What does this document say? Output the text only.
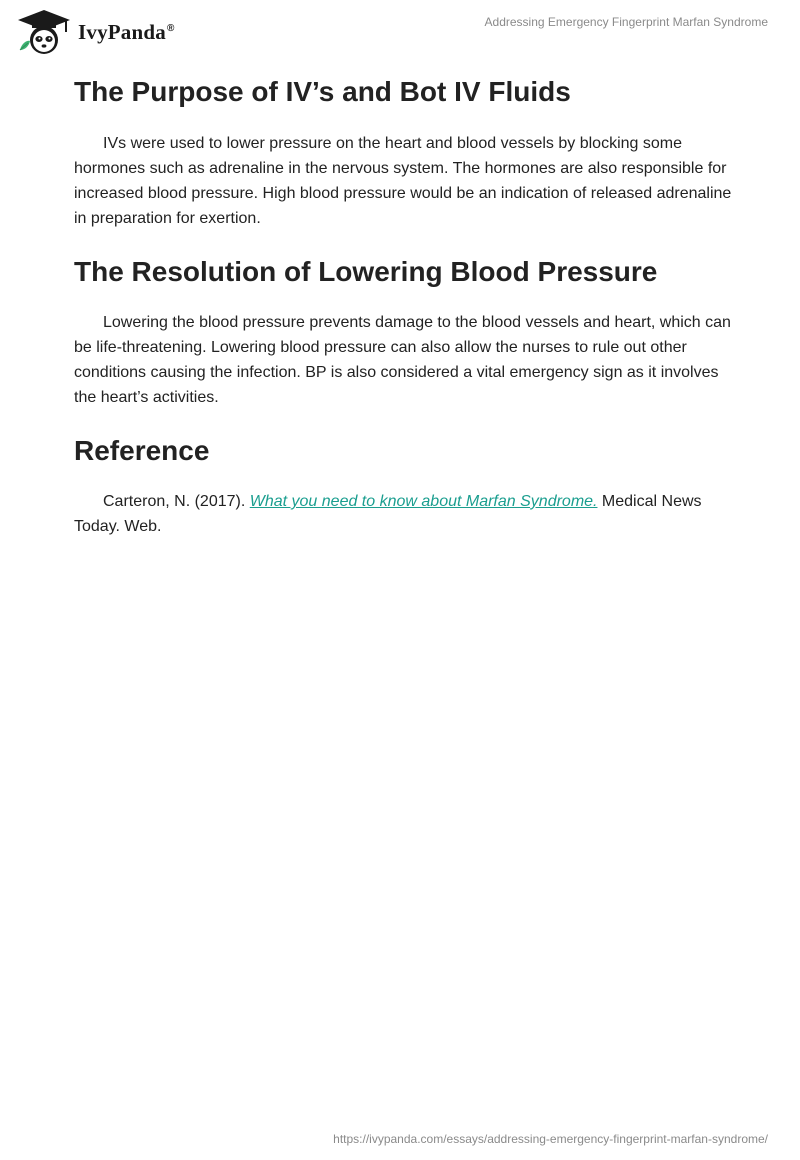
IvyPanda®	Addressing Emergency Fingerprint Marfan Syndrome
The Purpose of IV’s and Bot IV Fluids

IVs were used to lower pressure on the heart and blood vessels by blocking some hormones such as adrenaline in the nervous system. The hormones are also responsible for increased blood pressure. High blood pressure would be an indication of released adrenaline in preparation for exertion.

The Resolution of Lowering Blood Pressure

Lowering the blood pressure prevents damage to the blood vessels and heart, which can be life-threatening. Lowering blood pressure can also allow the nurses to rule out other conditions causing the infection. BP is also considered a vital emergency sign as it involves the heart’s activities.

Reference

Carteron, N. (2017). What you need to know about Marfan Syndrome. Medical News Today. Web.

https://ivypanda.com/essays/addressing-emergency-fingerprint-marfan-syndrome/
